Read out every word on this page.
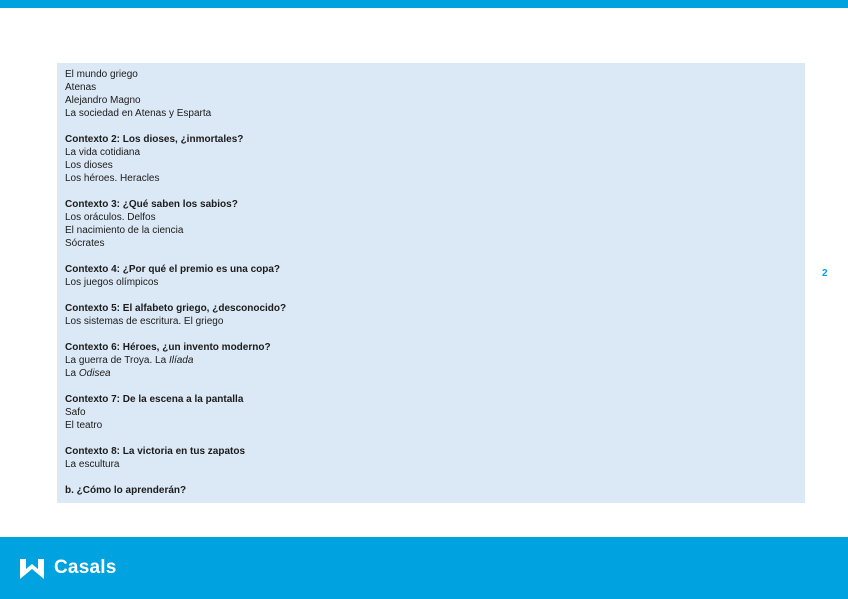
El mundo griego
Atenas
Alejandro Magno
La sociedad en Atenas y Esparta
Contexto 2: Los dioses, ¿inmortales?
La vida cotidiana
Los dioses
Los héroes. Heracles
Contexto 3: ¿Qué saben los sabios?
Los oráculos. Delfos
El nacimiento de la ciencia
Sócrates
Contexto 4: ¿Por qué el premio es una copa?
Los juegos olímpicos
Contexto 5: El alfabeto griego, ¿desconocido?
Los sistemas de escritura. El griego
Contexto 6: Héroes, ¿un invento moderno?
La guerra de Troya. La Ilíada
La Odisea
Contexto 7: De la escena a la pantalla
Safo
El teatro
Contexto 8: La victoria en tus zapatos
La escultura
b. ¿Cómo lo aprenderán?
2
Casals
